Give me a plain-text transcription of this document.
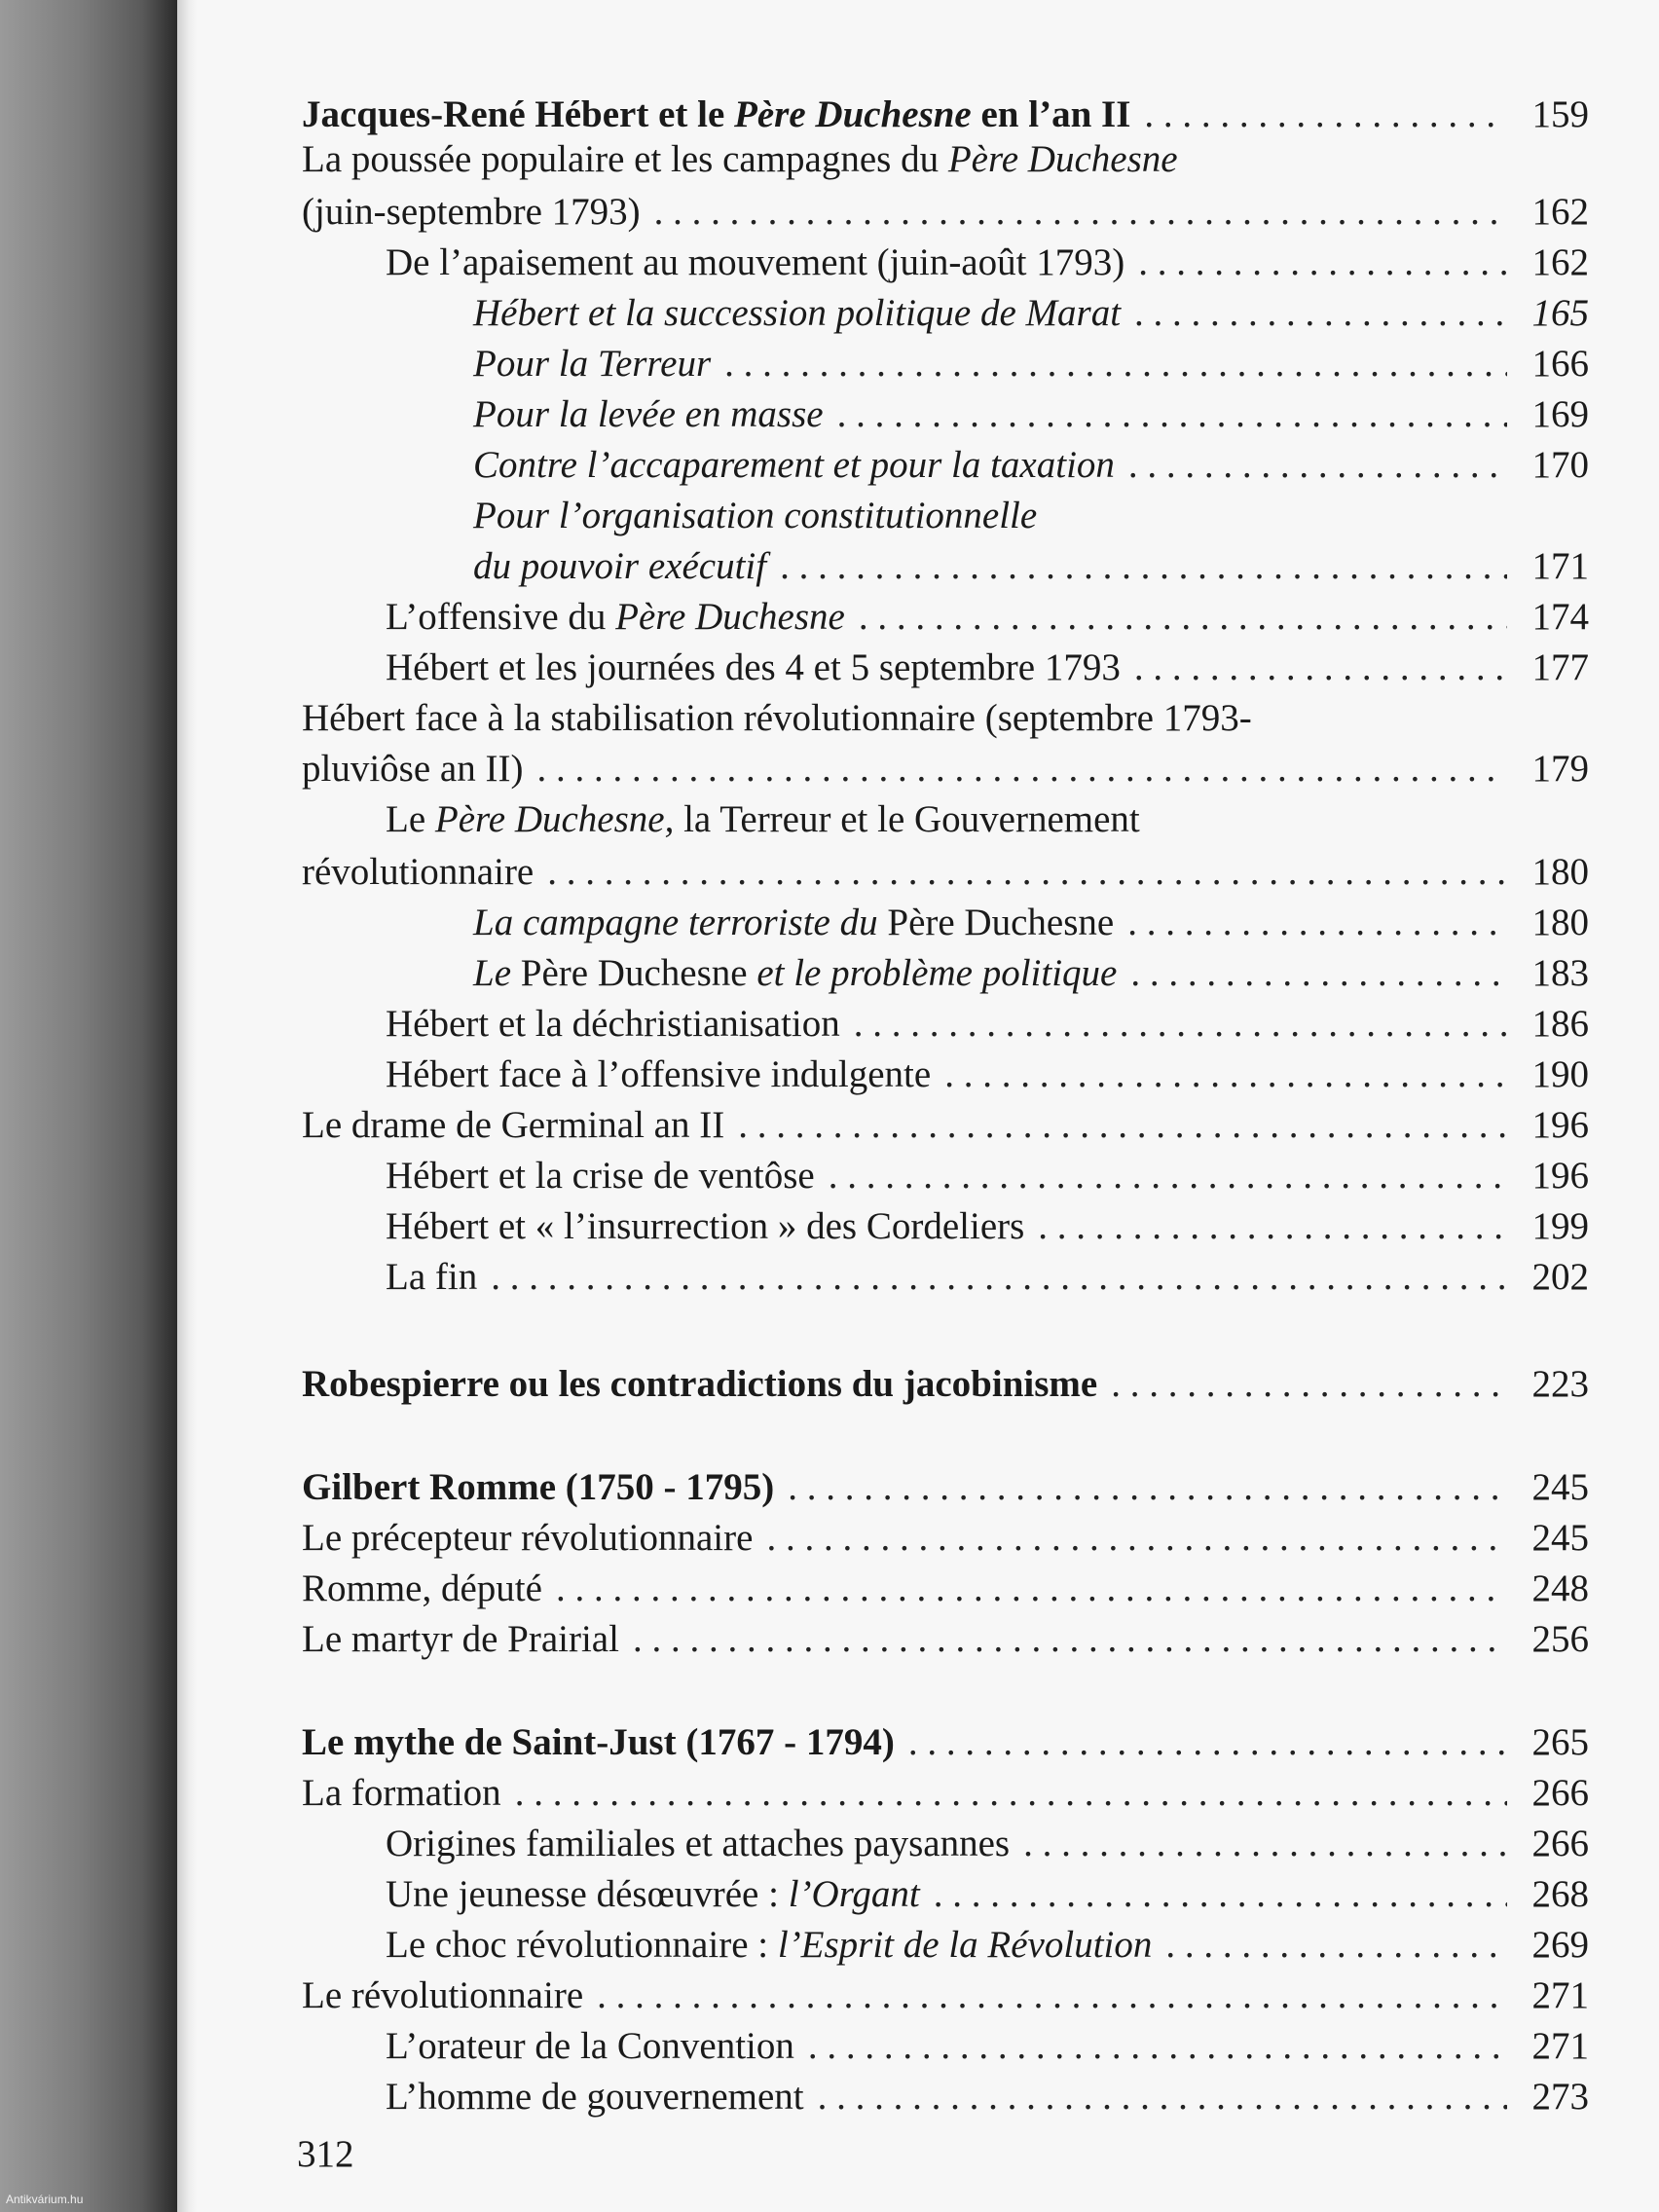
Jacques-René Hébert et le Père Duchesne en l’an II . . .	159
La poussée populaire et les campagnes du Père Duchesne
(juin-septembre 1793) . . .	162
De l’apaisement au mouvement (juin-août 1793) . . .	162
Hébert et la succession politique de Marat . . .	165
Pour la Terreur . . .	166
Pour la levée en masse . . .	169
Contre l’accaparement et pour la taxation . . .	170
Pour l’organisation constitutionnelle
du pouvoir exécutif . . .	171
L’offensive du Père Duchesne . . .	174
Hébert et les journées des 4 et 5 septembre 1793 . . .	177
Hébert face à la stabilisation révolutionnaire (septembre 1793-
pluviôse an II) . . .	179
Le Père Duchesne, la Terreur et le Gouvernement
révolutionnaire . . .	180
La campagne terroriste du Père Duchesne . . .	180
Le Père Duchesne et le problème politique . . .	183
Hébert et la déchristianisation . . .	186
Hébert face à l’offensive indulgente . . .	190
Le drame de Germinal an II . . .	196
Hébert et la crise de ventôse . . .	196
Hébert et « l’insurrection » des Cordeliers . . .	199
La fin . . .	202
Robespierre ou les contradictions du jacobinisme . . .	223
Gilbert Romme (1750 - 1795) . . .	245
Le précepteur révolutionnaire . . .	245
Romme, député . . .	248
Le martyr de Prairial . . .	256
Le mythe de Saint-Just (1767 - 1794) . . .	265
La formation . . .	266
Origines familiales et attaches paysannes . . .	266
Une jeunesse désœuvrée : l’Organt . . .	268
Le choc révolutionnaire : l’Esprit de la Révolution . . .	269
Le révolutionnaire . . .	271
L’orateur de la Convention . . .	271
L’homme de gouvernement . . .	273
312
Antikvárium.hu
